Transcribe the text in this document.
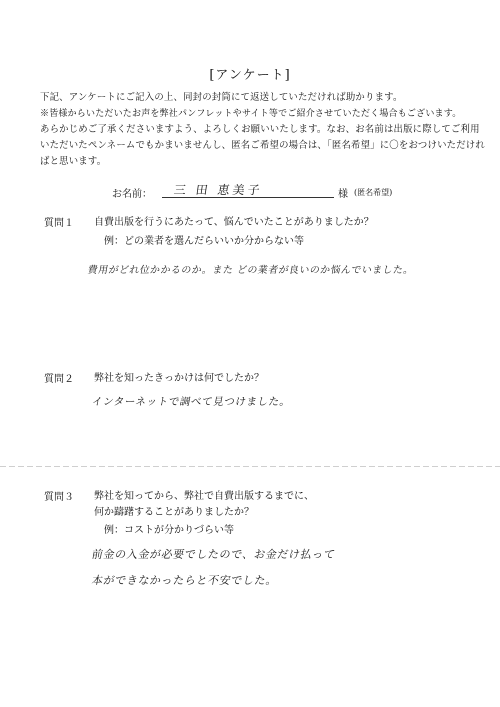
[アンケート]

下記、アンケートにご記入の上、同封の封筒にて返送していただければ助かります。

※皆様からいただいたお声を弊社パンフレットやサイト等でご紹介させていただく場合もございます。

あらかじめご了承くださいますよう、よろしくお願いいたします。なお、お名前は出版に際してご利用

いただいたペンネームでもかまいませんし、匿名ご希望の場合は、「匿名希望」に〇をおつけいただけれ

ばと思います。

お名前： 三 田 恵美子	様 (匿名希望)
質問１ 自費出版を行うにあたって、悩んでいたことがありましたか？
例：どの業者を選んだらいいか分からない等
費用がどれ位かかるのか。また どの業者が良いのか悩んでいました。
質問２ 弊社を知ったきっかけは何でしたか？
インターネットで調べて見つけました。
質問３ 弊社を知ってから、弊社で自費出版するまでに、
何か躊躇することがありましたか？
例：コストが分かりづらい等
前金の入金が必要でしたので、お金だけ払って
本ができなかったらと不安でした。
